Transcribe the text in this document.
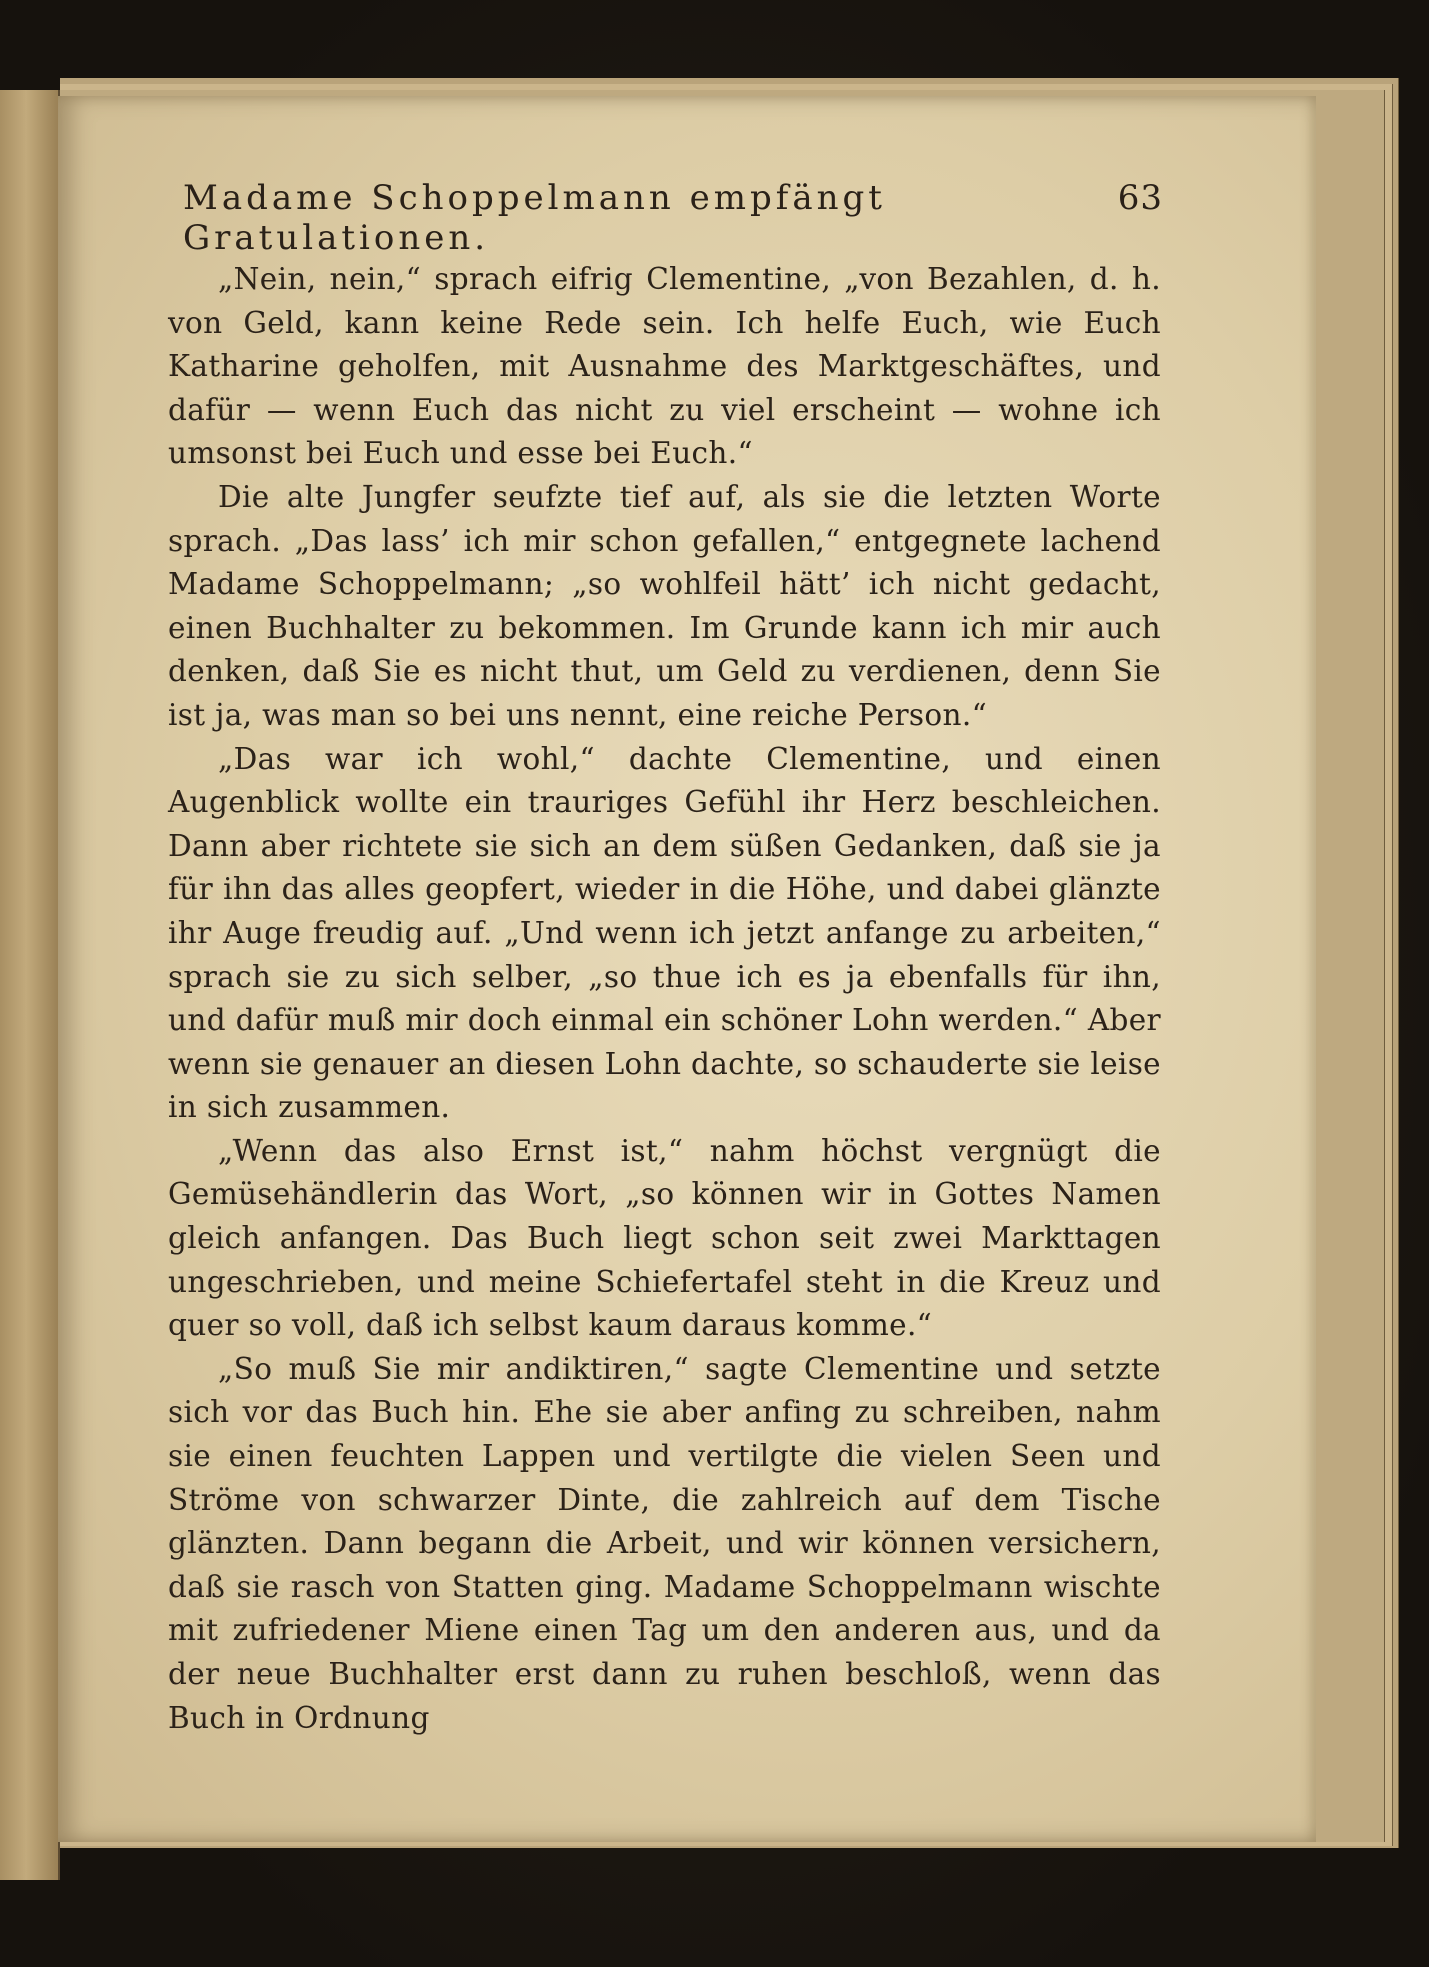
Madame Schoppelmann empfängt Gratulationen.
63

„Nein, nein,“ sprach eifrig Clementine, „von Bezahlen, d. h. von Geld, kann keine Rede sein. Ich helfe Euch, wie Euch Katharine geholfen, mit Ausnahme des Marktgeschäftes, und dafür — wenn Euch das nicht zu viel erscheint — wohne ich umsonst bei Euch und esse bei Euch.“

Die alte Jungfer seufzte tief auf, als sie die letzten Worte sprach. „Das lass’ ich mir schon gefallen,“ entgegnete lachend Madame Schoppelmann; „so wohlfeil hätt’ ich nicht gedacht, einen Buchhalter zu bekommen. Im Grunde kann ich mir auch denken, daß Sie es nicht thut, um Geld zu verdienen, denn Sie ist ja, was man so bei uns nennt, eine reiche Person.“

„Das war ich wohl,“ dachte Clementine, und einen Augenblick wollte ein trauriges Gefühl ihr Herz beschleichen. Dann aber richtete sie sich an dem süßen Gedanken, daß sie ja für ihn das alles geopfert, wieder in die Höhe, und dabei glänzte ihr Auge freudig auf. „Und wenn ich jetzt anfange zu arbeiten,“ sprach sie zu sich selber, „so thue ich es ja ebenfalls für ihn, und dafür muß mir doch einmal ein schöner Lohn werden.“ Aber wenn sie genauer an diesen Lohn dachte, so schauderte sie leise in sich zusammen.

„Wenn das also Ernst ist,“ nahm höchst vergnügt die Gemüsehändlerin das Wort, „so können wir in Gottes Namen gleich anfangen. Das Buch liegt schon seit zwei Markttagen ungeschrieben, und meine Schiefertafel steht in die Kreuz und quer so voll, daß ich selbst kaum daraus komme.“

„So muß Sie mir andiktiren,“ sagte Clementine und setzte sich vor das Buch hin. Ehe sie aber anfing zu schreiben, nahm sie einen feuchten Lappen und vertilgte die vielen Seen und Ströme von schwarzer Dinte, die zahlreich auf dem Tische glänzten. Dann begann die Arbeit, und wir können versichern, daß sie rasch von Statten ging. Madame Schoppelmann wischte mit zufriedener Miene einen Tag um den anderen aus, und da der neue Buchhalter erst dann zu ruhen beschloß, wenn das Buch in Ordnung
